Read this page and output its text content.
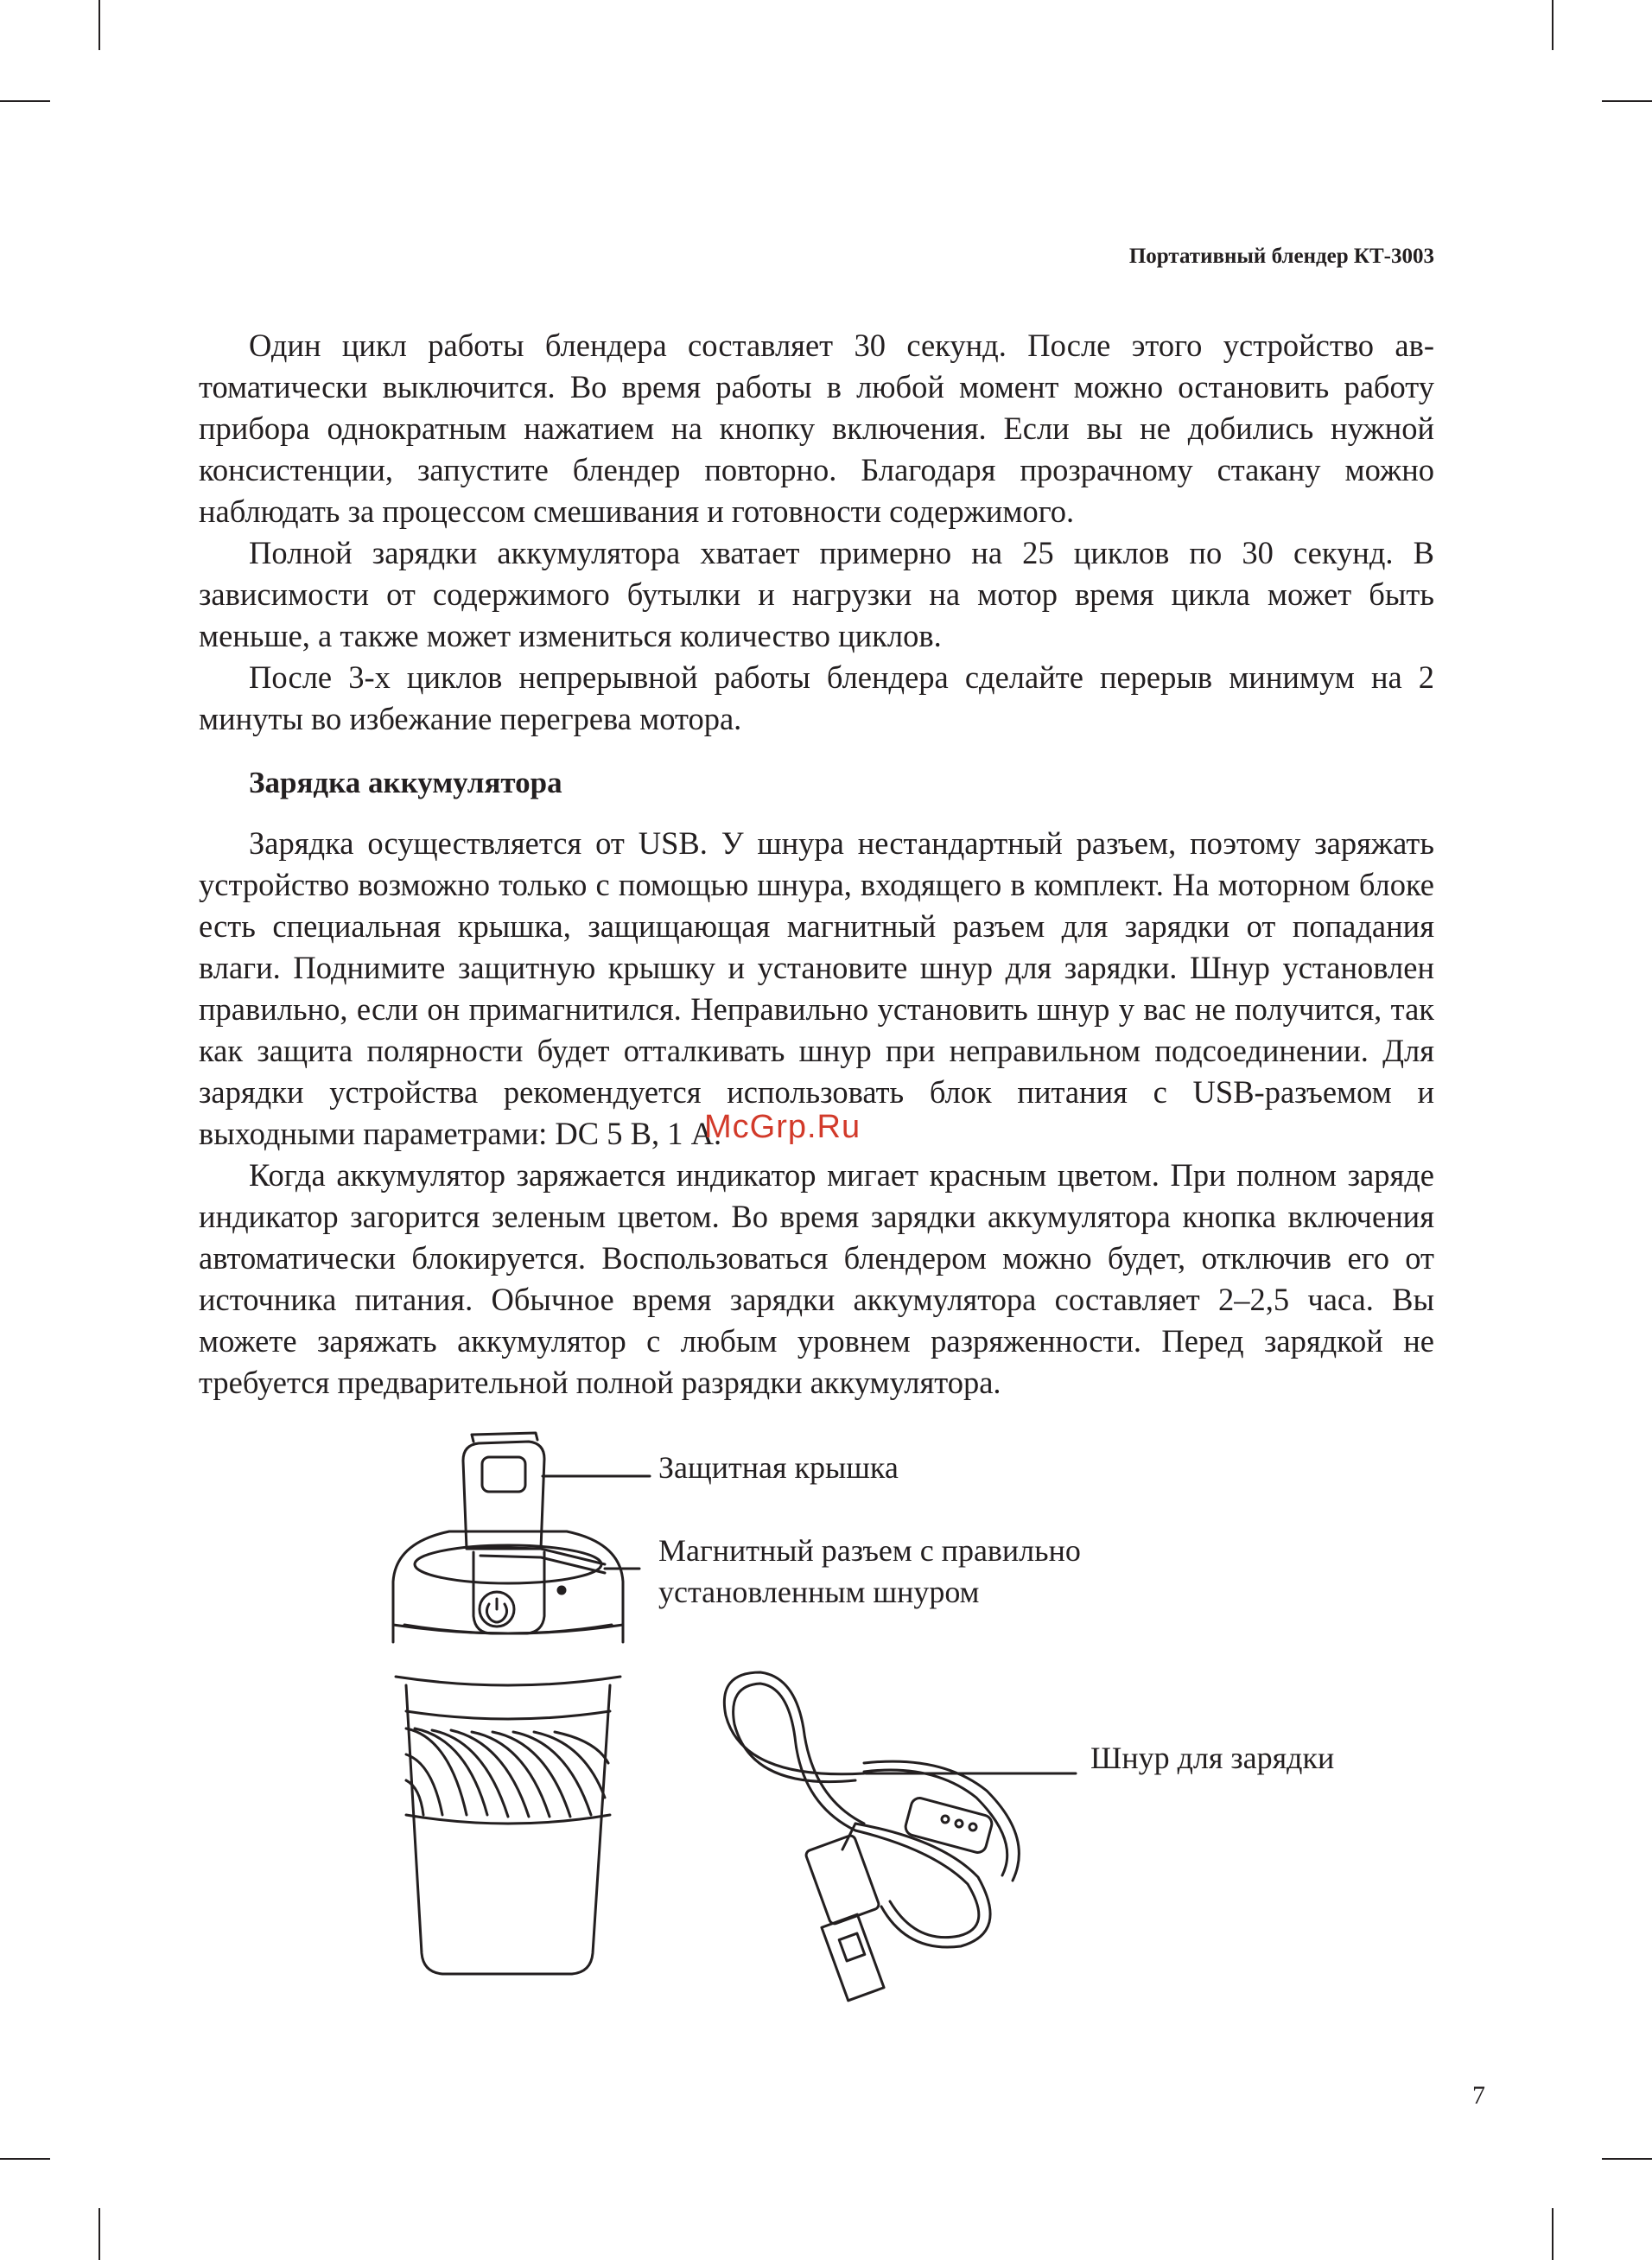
Портативный блендер КТ-3003

Один цикл работы блендера составляет 30 секунд. После этого устройство автоматически выключится. Во время работы в любой момент можно остановить работу прибора однократным нажатием на кнопку включения. Если вы не добились нужной консистенции, запустите блендер повторно. Благодаря прозрачному стакану можно наблюдать за процессом смешивания и готовности содержимого.

Полной зарядки аккумулятора хватает примерно на 25 циклов по 30 секунд. В зависимости от содержимого бутылки и нагрузки на мотор время цикла может быть меньше, а также может измениться количество циклов.

После 3-х циклов непрерывной работы блендера сделайте перерыв минимум на 2 минуты во избежание перегрева мотора.

Зарядка аккумулятора

Зарядка осуществляется от USB. У шнура нестандартный разъем, поэтому заряжать устройство возможно только с помощью шнура, входящего в комплект. На моторном блоке есть специальная крышка, защищающая магнитный разъем для зарядки от попадания влаги. Поднимите защитную крышку и установите шнур для зарядки. Шнур установлен правильно, если он примагнитился. Неправильно установить шнур у вас не получится, так как защита полярности будет отталкивать шнур при неправильном подсоединении. Для зарядки устройства рекомендуется использовать блок питания с USB-разъемом и выходными параметрами: DC 5 В, 1 А.

Когда аккумулятор заряжается индикатор мигает красным цветом. При полном заряде индикатор загорится зеленым цветом. Во время зарядки аккумулятора кнопка включения автоматически блокируется. Воспользоваться блендером можно будет, отключив его от источника питания. Обычное время зарядки аккумулятора составляет 2–2,5 часа. Вы можете заряжать аккумулятор с любым уровнем разряженности. Перед зарядкой не требуется предварительной полной разрядки аккумулятора.

McGrp.Ru

Защитная крышка

Магнитный разъем с правильно

установленным шнуром

Шнур для зарядки

7
